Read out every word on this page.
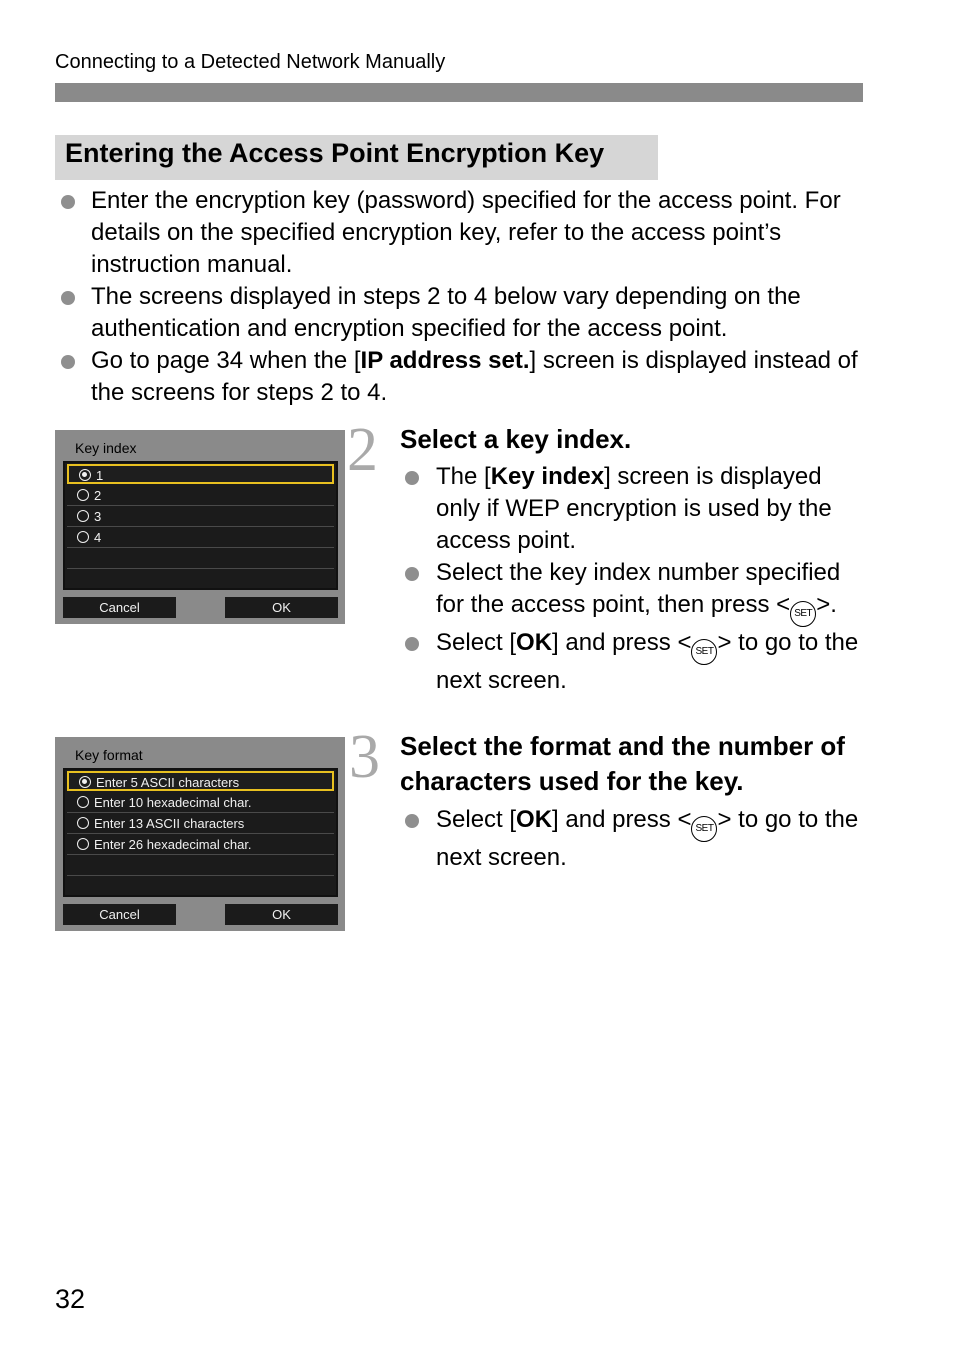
Connecting to a Detected Network Manually
Entering the Access Point Encryption Key
Enter the encryption key (password) specified for the access point. For details on the specified encryption key, refer to the access point’s instruction manual.
The screens displayed in steps 2 to 4 below vary depending on the authentication and encryption specified for the access point.
Go to page 34 when the [IP address set.] screen is displayed instead of the screens for steps 2 to 4.
Key index
1
2
3
4
Cancel	OK
2 Select a key index.
The [Key index] screen is displayed only if WEP encryption is used by the access point.
Select the key index number specified for the access point, then press < SET >.
Select [OK] and press < SET > to go to the next screen.
Key format
Enter 5 ASCII characters
Enter 10 hexadecimal char.
Enter 13 ASCII characters
Enter 26 hexadecimal char.
Cancel	OK
3 Select the format and the number of characters used for the key.
Select [OK] and press < SET > to go to the next screen.
32
